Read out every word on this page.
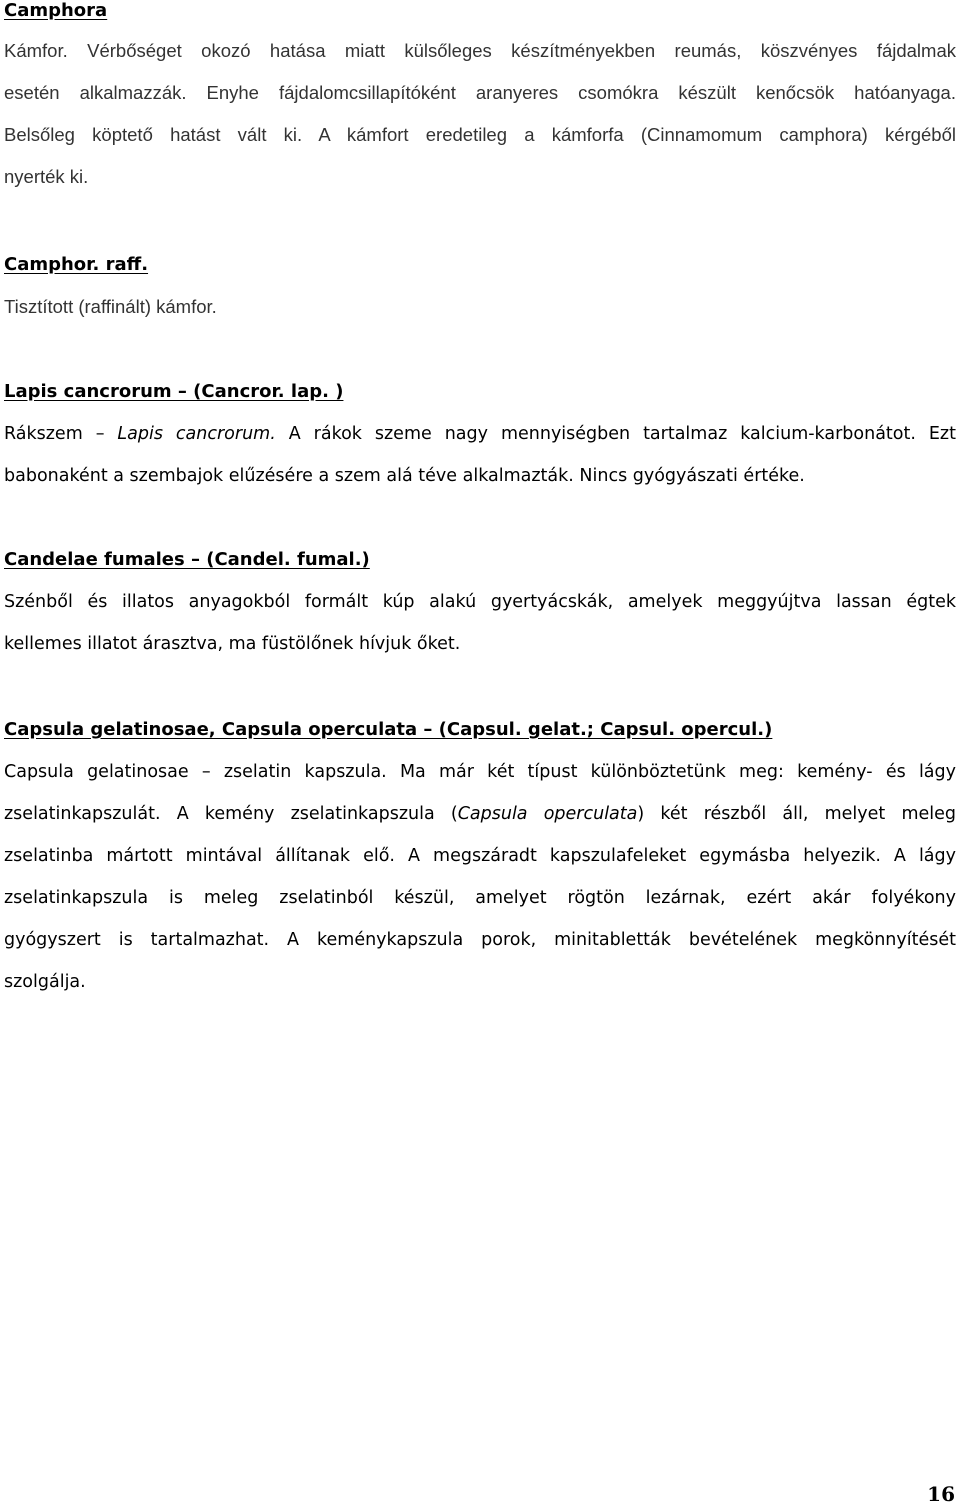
Camphora

Kámfor. Vérbőséget okozó hatása miatt külsőleges készítményekben reumás, köszvényes fájdalmak
esetén alkalmazzák. Enyhe fájdalomcsillapítóként aranyeres csomókra készült kenőcsök hatóanyaga.
Belsőleg köptető hatást vált ki. A kámfort eredetileg a kámforfa (Cinnamomum camphora) kérgéből
nyerték ki.

Camphor. raff.

Tisztított (raffinált) kámfor.

Lapis cancrorum – (Cancror. lap. )

Rákszem – Lapis cancrorum. A rákok szeme nagy mennyiségben tartalmaz kalcium-karbonátot. Ezt
babonaként a szembajok elűzésére a szem alá téve alkalmazták. Nincs gyógyászati értéke.

Candelae fumales – (Candel. fumal.)

Szénből és illatos anyagokból formált kúp alakú gyertyácskák, amelyek meggyújtva lassan égtek
kellemes illatot árasztva, ma füstölőnek hívjuk őket.

Capsula gelatinosae, Capsula operculata – (Capsul. gelat.; Capsul. opercul.)

Capsula gelatinosae – zselatin kapszula. Ma már két típust különböztetünk meg: kemény- és lágy
zselatinkapszulát. A kemény zselatinkapszula (Capsula operculata) két részből áll, melyet meleg
zselatinba mártott mintával állítanak elő. A megszáradt kapszulafeleket egymásba helyezik. A lágy
zselatinkapszula is meleg zselatinból készül, amelyet rögtön lezárnak, ezért akár folyékony
gyógyszert is tartalmazhat. A keménykapszula porok, minitabletták bevételének megkönnyítését
szolgálja.

16
